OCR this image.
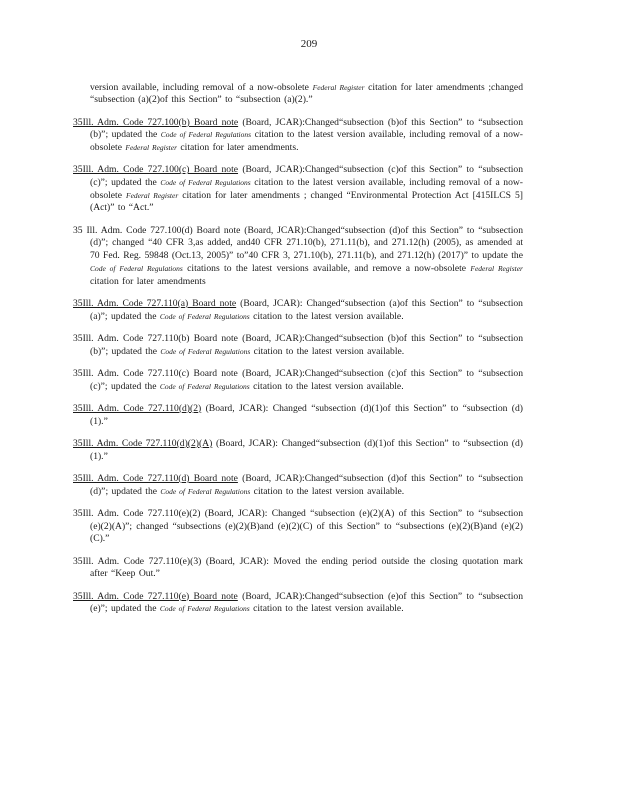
209

version available, including removal of a now-obsolete Federal Register citation for later amendments ;changed “subsection (a)(2)of this Section” to “subsection (a)(2).”

35Ill. Adm. Code 727.100(b) Board note (Board, JCAR):Changed“subsection (b)of this Section” to “subsection (b)”; updated the Code of Federal Regulations citation to the latest version available, including removal of a now-obsolete Federal Register citation for later amendments.

35Ill. Adm. Code 727.100(c) Board note (Board, JCAR):Changed“subsection (c)of this Section” to “subsection (c)”; updated the Code of Federal Regulations citation to the latest version available, including removal of a now-obsolete Federal Register citation for later amendments ; changed “Environmental Protection Act [415ILCS 5] (Act)” to “Act.”

35 Ill. Adm. Code 727.100(d) Board note (Board, JCAR):Changed“subsection (d)of this Section” to “subsection (d)”; changed “40 CFR 3,as added, and40 CFR 271.10(b), 271.11(b), and 271.12(h) (2005), as amended at 70 Fed. Reg. 59848 (Oct.13, 2005)” to”40 CFR 3, 271.10(b), 271.11(b), and 271.12(h) (2017)” to update the Code of Federal Regulations citations to the latest versions available, and remove a now-obsolete Federal Register citation for later amendments

35Ill. Adm. Code 727.110(a) Board note (Board, JCAR): Changed“subsection (a)of this Section” to “subsection (a)”; updated the Code of Federal Regulations citation to the latest version available.

35Ill. Adm. Code 727.110(b) Board note (Board, JCAR):Changed“subsection (b)of this Section” to “subsection (b)”; updated the Code of Federal Regulations citation to the latest version available.

35Ill. Adm. Code 727.110(c) Board note (Board, JCAR):Changed“subsection (c)of this Section” to “subsection (c)”; updated the Code of Federal Regulations citation to the latest version available.

35Ill. Adm. Code 727.110(d)(2) (Board, JCAR): Changed “subsection (d)(1)of this Section” to “subsection (d)(1).”

35Ill. Adm. Code 727.110(d)(2)(A) (Board, JCAR): Changed“subsection (d)(1)of this Section” to “subsection (d)(1).”

35Ill. Adm. Code 727.110(d) Board note (Board, JCAR):Changed“subsection (d)of this Section” to “subsection (d)”; updated the Code of Federal Regulations citation to the latest version available.

35Ill. Adm. Code 727.110(e)(2) (Board, JCAR): Changed “subsection (e)(2)(A) of this Section” to “subsection (e)(2)(A)”; changed “subsections (e)(2)(B)and (e)(2)(C) of this Section” to “subsections (e)(2)(B)and (e)(2)(C).”

35Ill. Adm. Code 727.110(e)(3) (Board, JCAR): Moved the ending period outside the closing quotation mark after “Keep Out.”

35Ill. Adm. Code 727.110(e) Board note (Board, JCAR):Changed“subsection (e)of this Section” to “subsection (e)”; updated the Code of Federal Regulations citation to the latest version available.
